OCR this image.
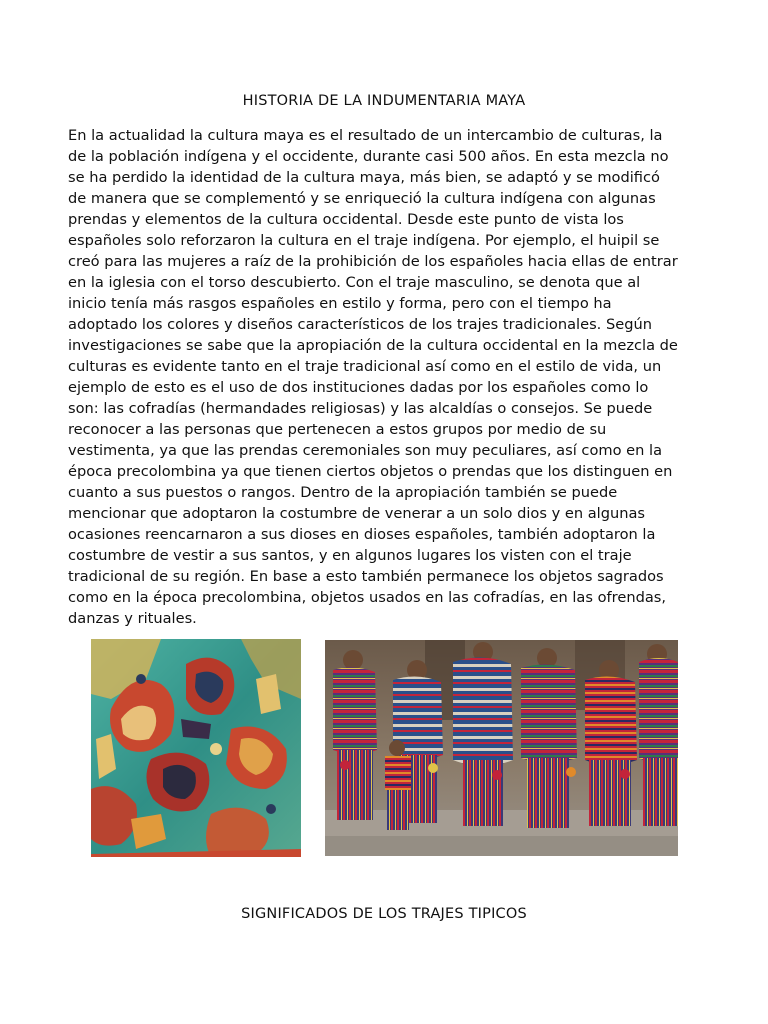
HISTORIA DE LA INDUMENTARIA MAYA
En la actualidad la cultura maya es el resultado de un intercambio de culturas, la
de la población indígena y el occidente, durante casi 500 años. En esta mezcla no
se ha perdido la identidad de la cultura maya, más bien, se adaptó y se modificó
de manera que se complementó y se enriqueció la cultura indígena con algunas
prendas y elementos de la cultura occidental. Desde este punto de vista los
españoles solo reforzaron la cultura en el traje indígena. Por ejemplo, el huipil se
creó para las mujeres a raíz de la prohibición de los españoles hacia ellas de entrar
en la iglesia con el torso descubierto. Con el traje masculino, se denota que al
inicio tenía más rasgos españoles en estilo y forma, pero con el tiempo ha
adoptado los colores y diseños característicos de los trajes tradicionales. Según
investigaciones se sabe que la apropiación de la cultura occidental en la mezcla de
culturas es evidente tanto en el traje tradicional así como en el estilo de vida, un
ejemplo de esto es el uso de dos instituciones dadas por los españoles como lo
son: las cofradías (hermandades religiosas) y las alcaldías o consejos. Se puede
reconocer a las personas que pertenecen a estos grupos por medio de su
vestimenta, ya que las prendas ceremoniales son muy peculiares, así como en la
época precolombina ya que tienen ciertos objetos o prendas que los distinguen en
cuanto a sus puestos o rangos. Dentro de la apropiación también se puede
mencionar que adoptaron la costumbre de venerar a un solo dios y en algunas
ocasiones reencarnaron a sus dioses en dioses españoles, también adoptaron la
costumbre de vestir a sus santos, y en algunos lugares los visten con el traje
tradicional de su región. En base a esto también permanece los objetos sagrados
como en la época precolombina, objetos usados en las cofradías, en las ofrendas,
danzas y rituales.
SIGNIFICADOS DE LOS TRAJES TIPICOS
